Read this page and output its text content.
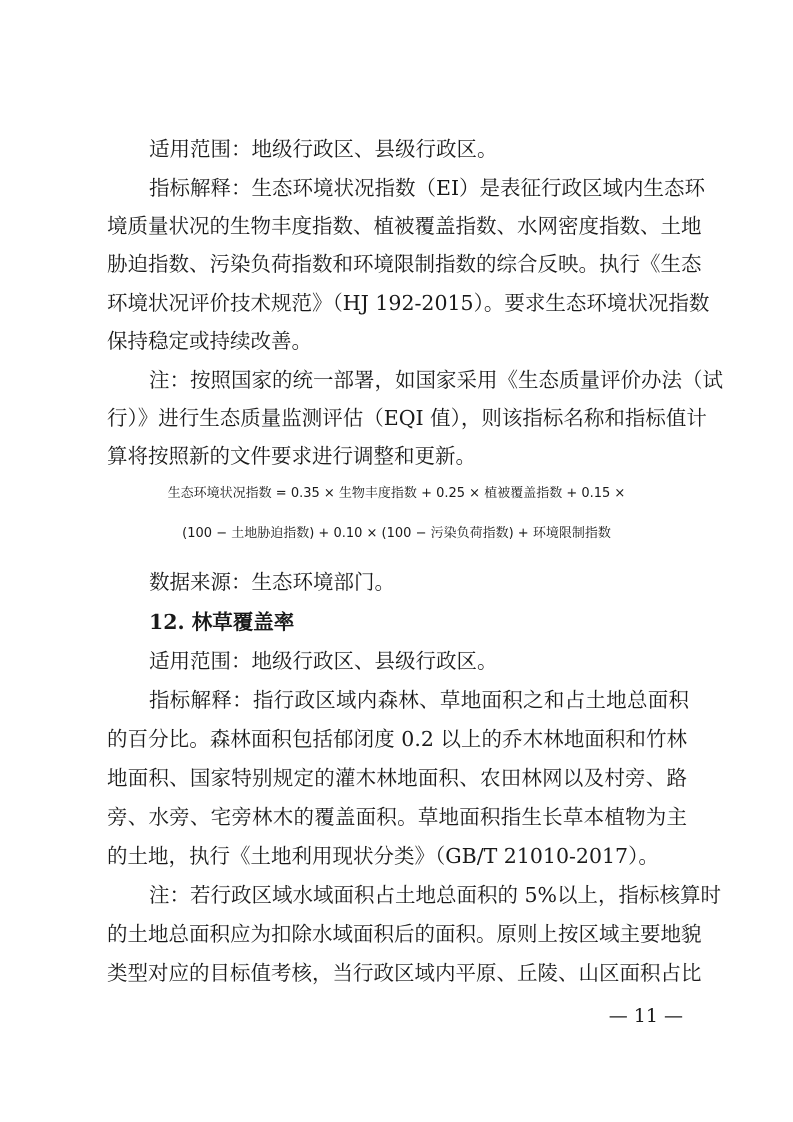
适用范围：地级行政区、县级行政区。
指标解释：生态环境状况指数（EI）是表征行政区域内生态环
境质量状况的生物丰度指数、植被覆盖指数、水网密度指数、土地
胁迫指数、污染负荷指数和环境限制指数的综合反映。执行《生态
环境状况评价技术规范》（HJ 192-2015）。要求生态环境状况指数
保持稳定或持续改善。
注：按照国家的统一部署，如国家采用《生态质量评价办法（试
行）》进行生态质量监测评估（EQI 值），则该指标名称和指标值计
算将按照新的文件要求进行调整和更新。
生态环境状况指数 = 0.35 × 生物丰度指数 + 0.25 × 植被覆盖指数 + 0.15 ×
(100 − 土地胁迫指数) + 0.10 × (100 − 污染负荷指数) + 环境限制指数
数据来源：生态环境部门。
12. 林草覆盖率
适用范围：地级行政区、县级行政区。
指标解释：指行政区域内森林、草地面积之和占土地总面积
的百分比。森林面积包括郁闭度 0.2 以上的乔木林地面积和竹林
地面积、国家特别规定的灌木林地面积、农田林网以及村旁、路
旁、水旁、宅旁林木的覆盖面积。草地面积指生长草本植物为主
的土地，执行《土地利用现状分类》（GB/T 21010-2017）。
注：若行政区域水域面积占土地总面积的 5%以上，指标核算时
的土地总面积应为扣除水域面积后的面积。原则上按区域主要地貌
类型对应的目标值考核，当行政区域内平原、丘陵、山区面积占比
— 11 —
